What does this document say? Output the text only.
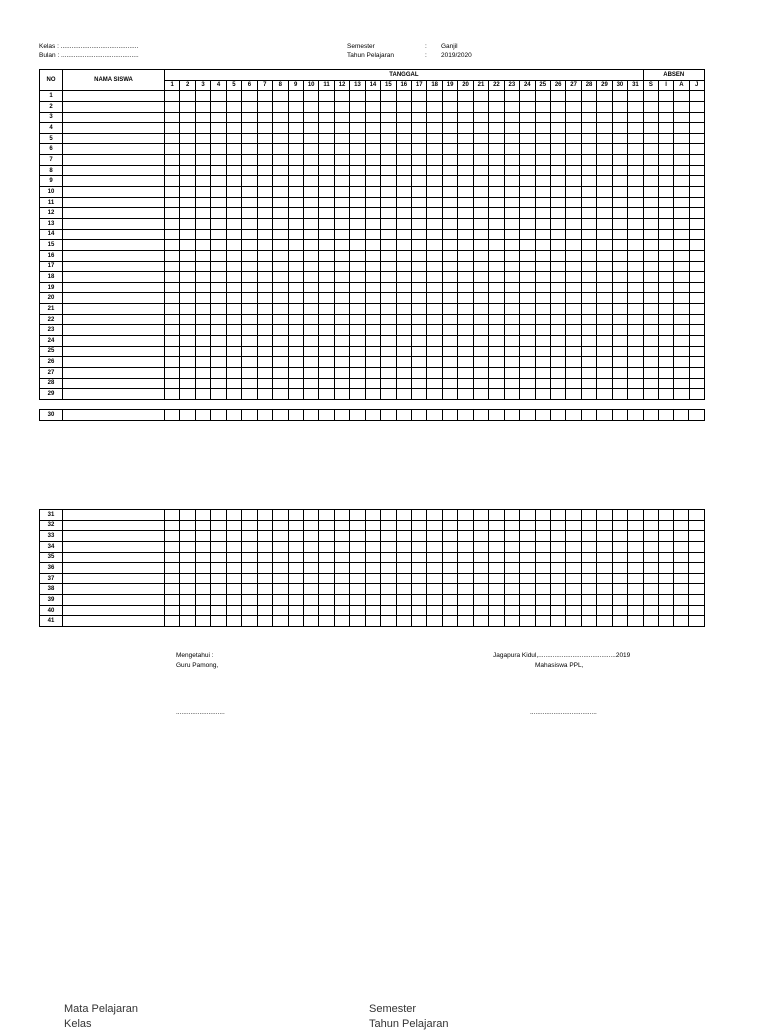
Kelas : ...........................................
Bulan : ...........................................
Semester	: Ganjil
Tahun Pelajaran	: 2019/2020
NO	NAMA SISWA	TANGGAL																															ABSEN			
		1	2	3	4	5	6	7	8	9	10	11	12	13	14	15	16	17	18	19	20	21	22	23	24	25	26	27	28	29	30	31	S	I	A	J
1																																				
2																																				
3																																				
4																																				
5																																				
6																																				
7																																				
8																																				
9																																				
10																																				
11																																				
12																																				
13																																				
14																																				
15																																				
16																																				
17																																				
18																																				
19																																				
20																																				
21																																				
22																																				
23																																				
24																																				
25																																				
26																																				
27																																				
28																																				
29																																				
30																																				
31																																				
32																																				
33																																				
34																																				
35																																				
36																																				
37																																				
38																																				
39																																				
40																																				
41																																				
Mengetahui :
Guru Pamong,
Jagapura Kidul,...........................................2019
Mahasiswa PPL,
...........................	.....................................
Mata Pelajaran	Semester
Kelas	Tahun Pelajaran
